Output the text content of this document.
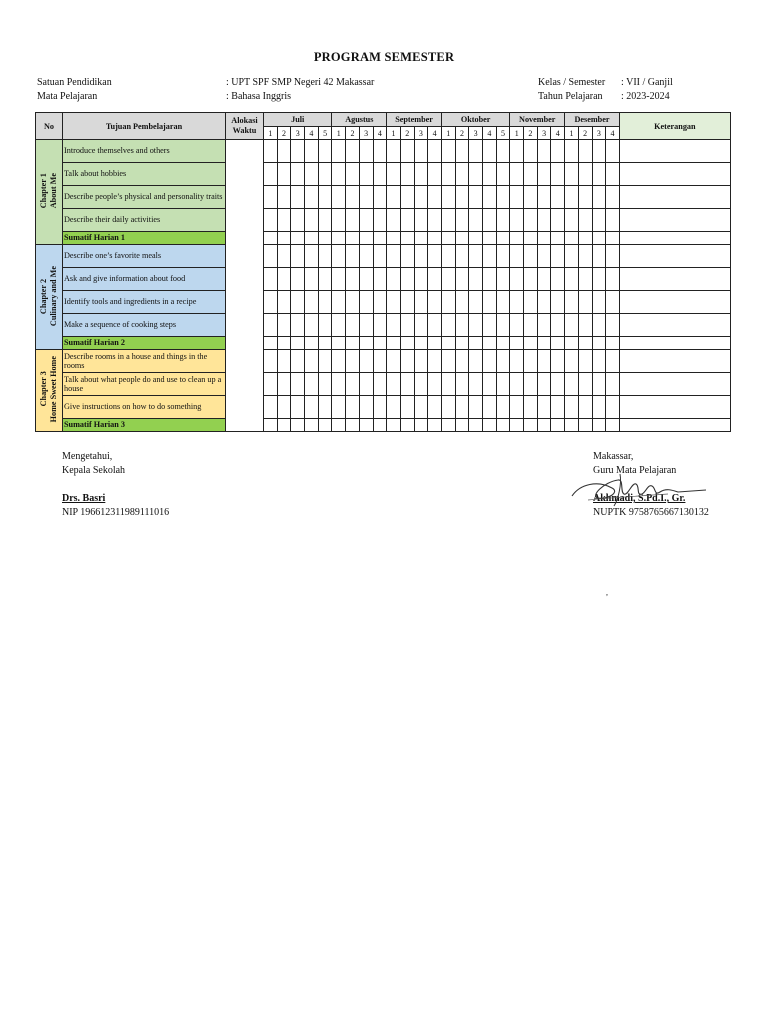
PROGRAM SEMESTER
Satuan Pendidikan	: UPT SPF SMP Negeri 42 Makassar
Mata Pelajaran	: Bahasa Inggris
Kelas / Semester : VII / Ganjil
Tahun Pelajaran : 2023-2024
No	Tujuan Pembelajaran	Alokasi Waktu	Juli					Agustus				September				Oktober					November				Desember				Keterangan
			1	2	3	4	5	1	2	3	4	1	2	3	4	1	2	3	4	5	1	2	3	4	1	2	3	4	
Chapter 1
About Me	Introduce themselves and others																												
	Talk about hobbies																												
	Describe people’s physical and personality traits																												
	Describe their daily activities																												
	Sumatif Harian 1																												
Chapter 2
Culinary and Me	Describe one’s favorite meals																												
	Ask and give information about food																												
	Identify tools and ingredients in a recipe																												
	Make a sequence of cooking steps																												
	Sumatif Harian 2																												
Chapter 3
Home Sweet Home	Describe rooms in a house and things in the rooms																												
	Talk about what people do and use to clean up a house																												
	Give instructions on how to do something																												
	Sumatif Harian 3																												
Mengetahui,
Kepala Sekolah
Drs. Basri
NIP 196612311989111016
Makassar,
Guru Mata Pelajaran
Akhmadi, S.Pd.I., Gr.
NUPTK 9758765667130132
,
